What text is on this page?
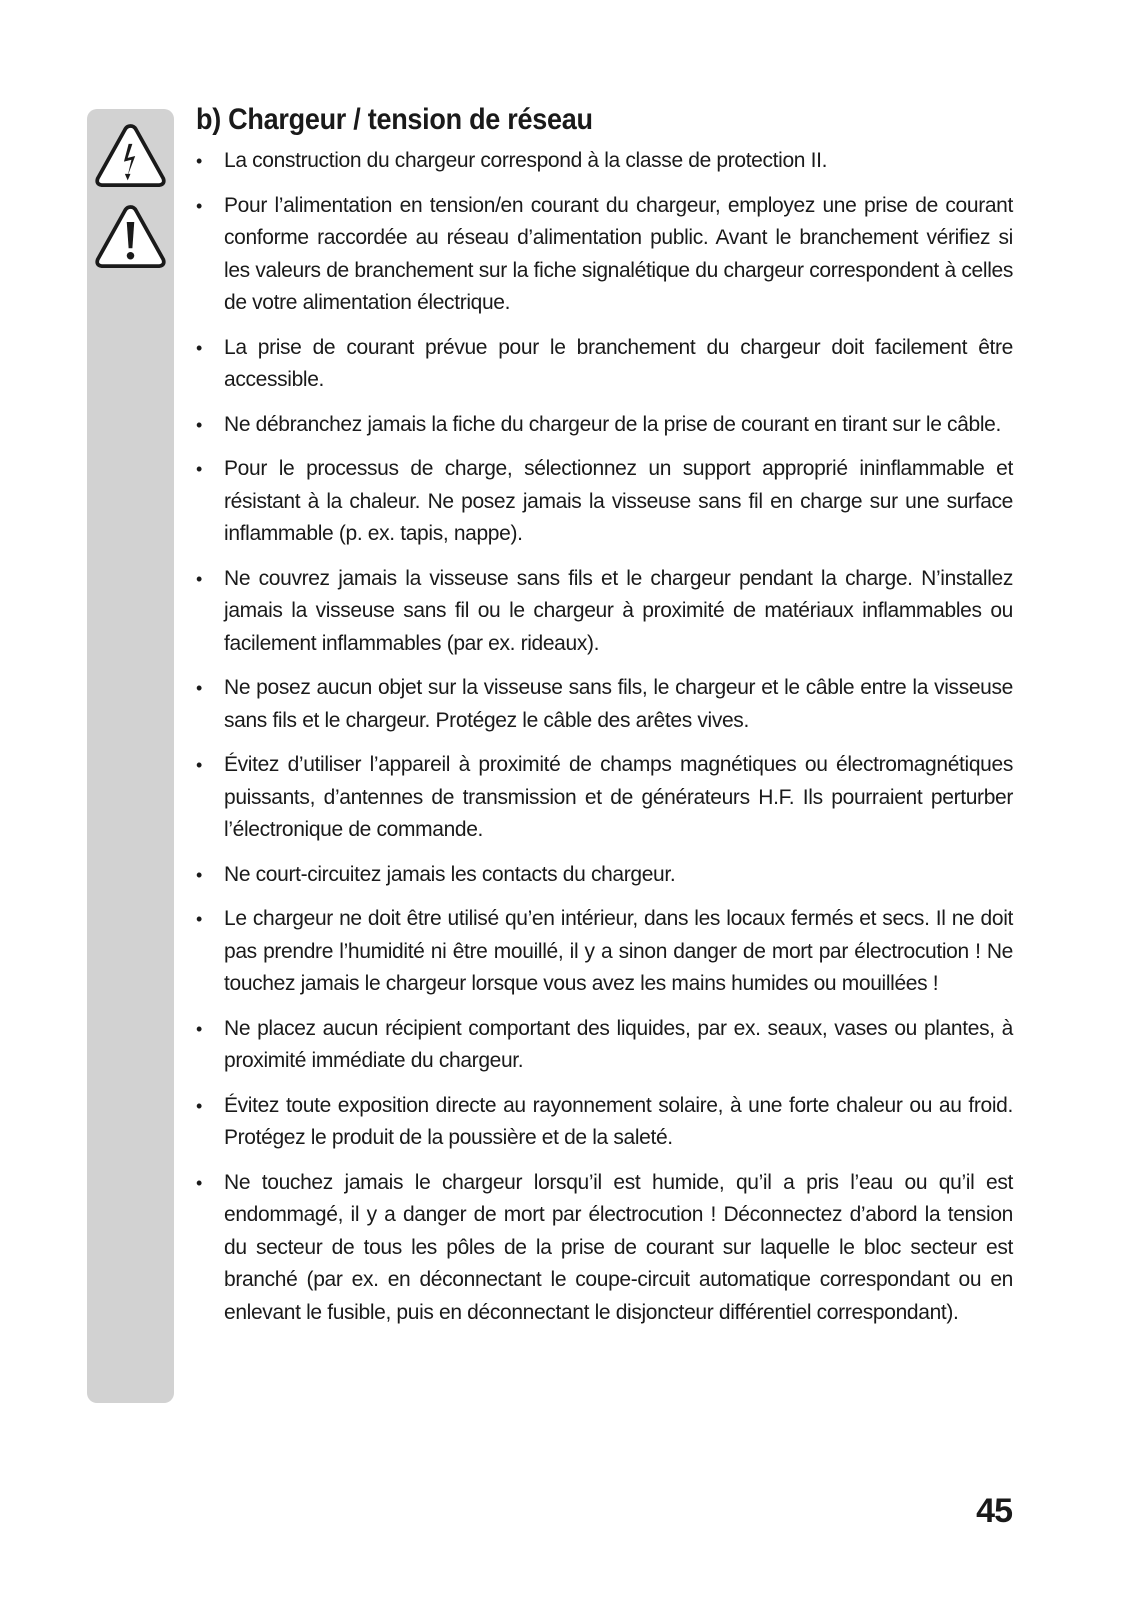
b) Chargeur / tension de réseau
•	La construction du chargeur correspond à la classe de protection II.
•	Pour l’alimentation en tension/en courant du chargeur, employez une prise de courant conforme raccordée au réseau d’alimentation public. Avant le branchement vérifiez si les valeurs de branchement sur la fiche signalétique du chargeur correspondent à celles de votre alimentation électrique.
•	La prise de courant prévue pour le branchement du chargeur doit facilement être accessible.
•	Ne débranchez jamais la fiche du chargeur de la prise de courant en tirant sur le câble.
•	Pour le processus de charge, sélectionnez un support approprié ininflammable et résistant à la chaleur. Ne posez jamais la visseuse sans fil en charge sur une surface inflammable (p. ex. tapis, nappe).
•	Ne couvrez jamais la visseuse sans fils et le chargeur pendant la charge. N’installez jamais la visseuse sans fil ou le chargeur à proximité de matériaux inflammables ou facilement inflammables (par ex. rideaux).
•	Ne posez aucun objet sur la visseuse sans fils, le chargeur et le câble entre la visseuse sans fils et le chargeur. Protégez le câble des arêtes vives.
•	Évitez d’utiliser l’appareil à proximité de champs magnétiques ou électromagnétiques puissants, d’antennes de transmission et de générateurs H.F. Ils pourraient perturber l’électronique de commande.
•	Ne court-circuitez jamais les contacts du chargeur.
•	Le chargeur ne doit être utilisé qu’en intérieur, dans les locaux fermés et secs. Il ne doit pas prendre l’humidité ni être mouillé, il y a sinon danger de mort par électrocution ! Ne touchez jamais le chargeur lorsque vous avez les mains humides ou mouillées !
•	Ne placez aucun récipient comportant des liquides, par ex. seaux, vases ou plantes, à proximité immédiate du chargeur.
•	Évitez toute exposition directe au rayonnement solaire, à une forte chaleur ou au froid. Protégez le produit de la poussière et de la saleté.
•	Ne touchez jamais le chargeur lorsqu’il est humide, qu’il a pris l’eau ou qu’il est endommagé, il y a danger de mort par électrocution ! Déconnectez d’abord la tension du secteur de tous les pôles de la prise de courant sur laquelle le bloc secteur est branché (par ex. en déconnectant le coupe-circuit automatique correspondant ou en enlevant le fusible, puis en déconnectant le disjoncteur différentiel correspondant).
45
